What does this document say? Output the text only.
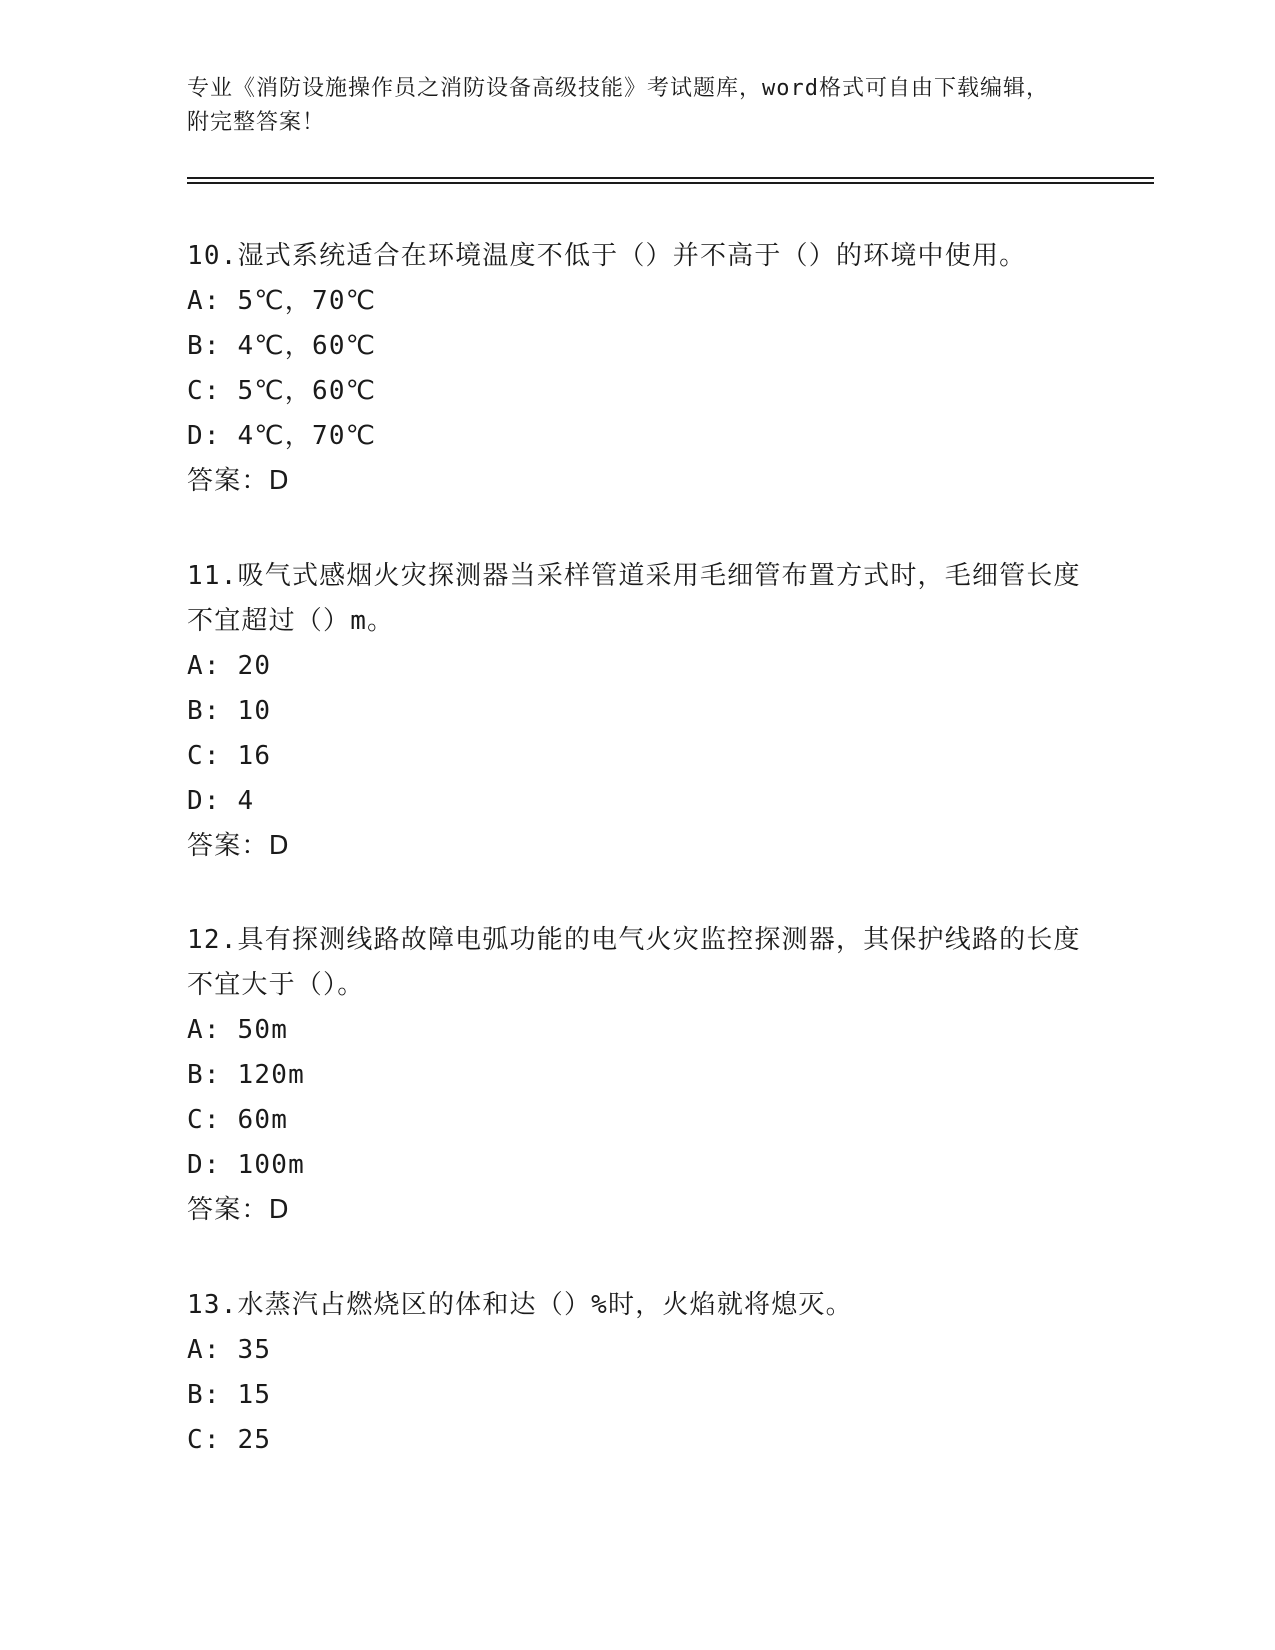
专业《消防设施操作员之消防设备高级技能》考试题库，word格式可自由下载编辑，附完整答案！

10.湿式系统适合在环境温度不低于（）并不高于（）的环境中使用。

A: 5℃，70℃
B: 4℃，60℃
C: 5℃，60℃
D: 4℃，70℃
答案：D

11.吸气式感烟火灾探测器当采样管道采用毛细管布置方式时，毛细管长度不宜超过（）m。

A: 20
B: 10
C: 16
D: 4
答案：D

12.具有探测线路故障电弧功能的电气火灾监控探测器，其保护线路的长度不宜大于（）。

A: 50m
B: 120m
C: 60m
D: 100m
答案：D

13.水蒸汽占燃烧区的体和达（）%时，火焰就将熄灭。

A: 35
B: 15
C: 25
